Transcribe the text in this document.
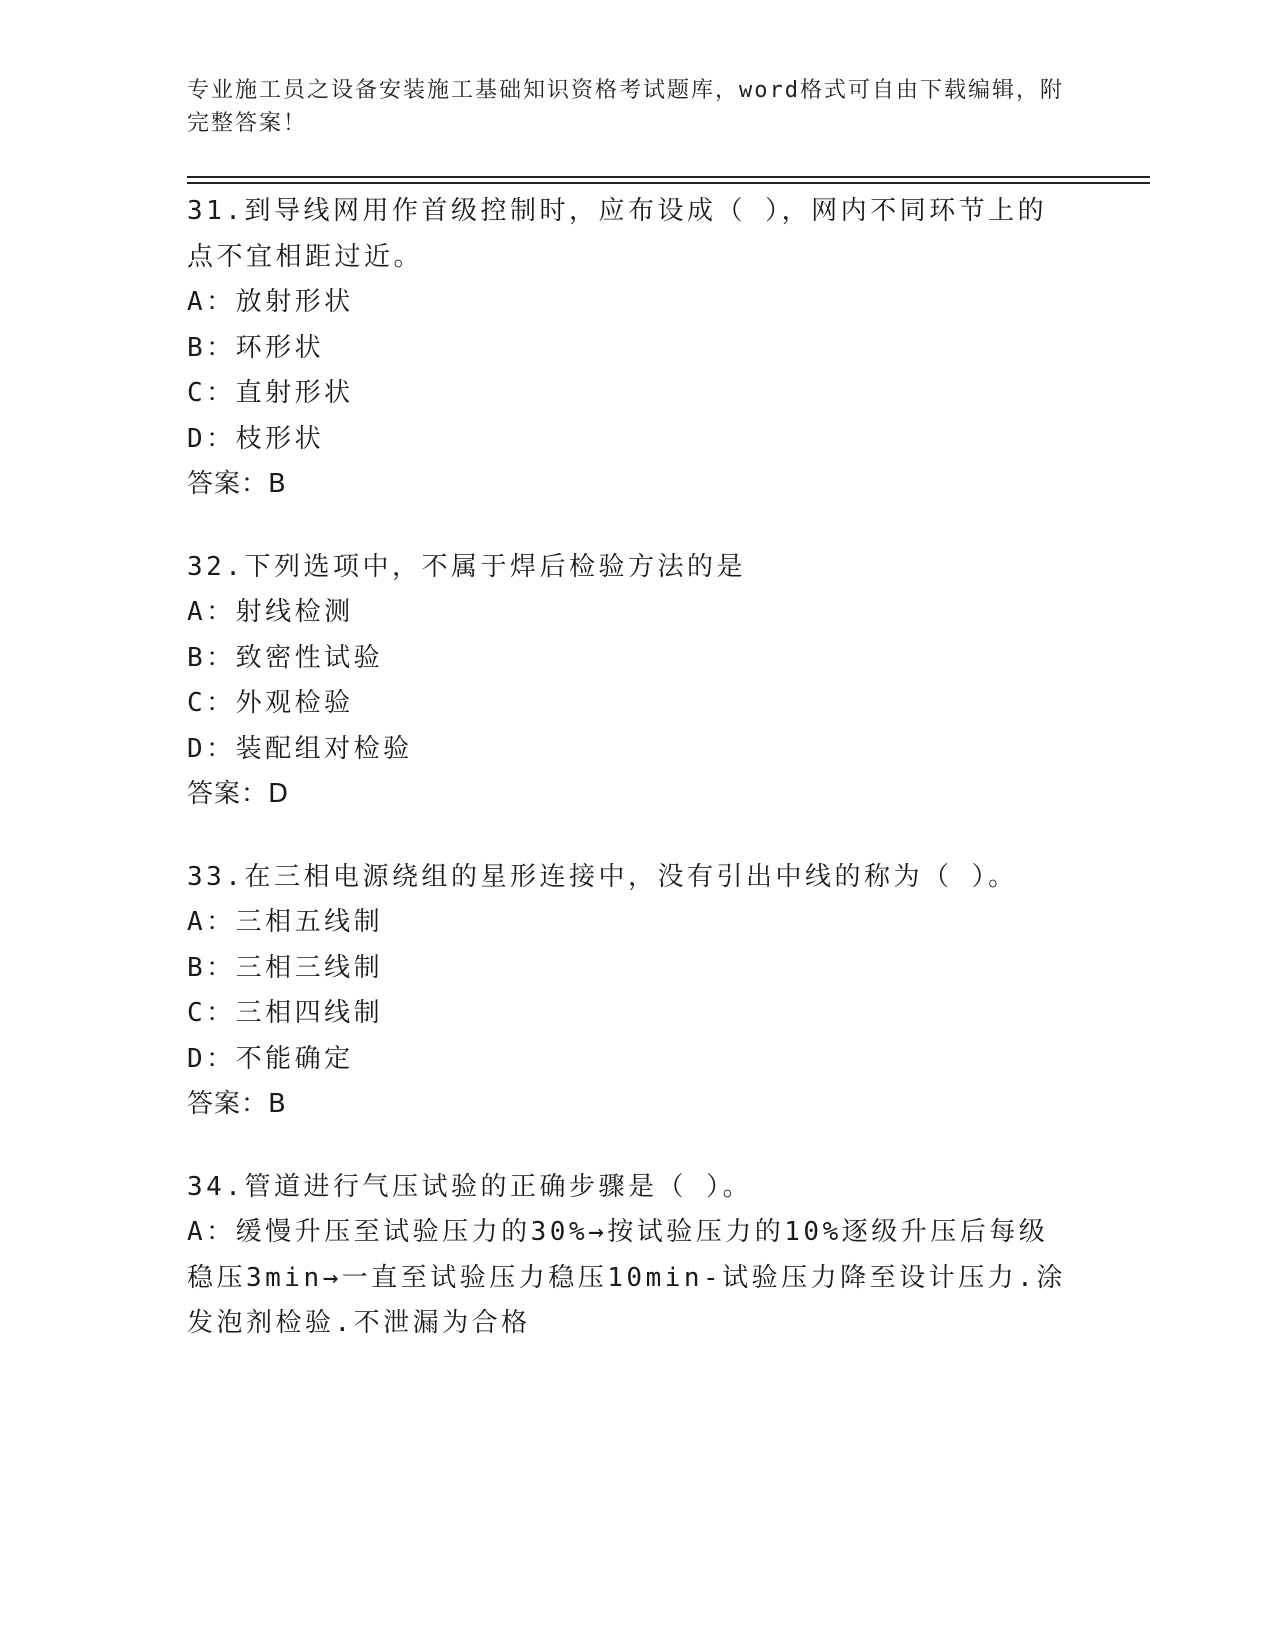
专业施工员之设备安装施工基础知识资格考试题库，word格式可自由下载编辑，附完整答案！
31.到导线网用作首级控制时，应布设成（ ），网内不同环节上的点不宜相距过近。
A：放射形状
B：环形状
C：直射形状
D：枝形状
答案：B
32.下列选项中，不属于焊后检验方法的是
A：射线检测
B：致密性试验
C：外观检验
D：装配组对检验
答案：D
33.在三相电源绕组的星形连接中，没有引出中线的称为（ ）。
A：三相五线制
B：三相三线制
C：三相四线制
D：不能确定
答案：B
34.管道进行气压试验的正确步骤是（ ）。
A：缓慢升压至试验压力的30%→按试验压力的10%逐级升压后每级稳压3min→一直至试验压力稳压10min-试验压力降至设计压力.涂发泡剂检验.不泄漏为合格
